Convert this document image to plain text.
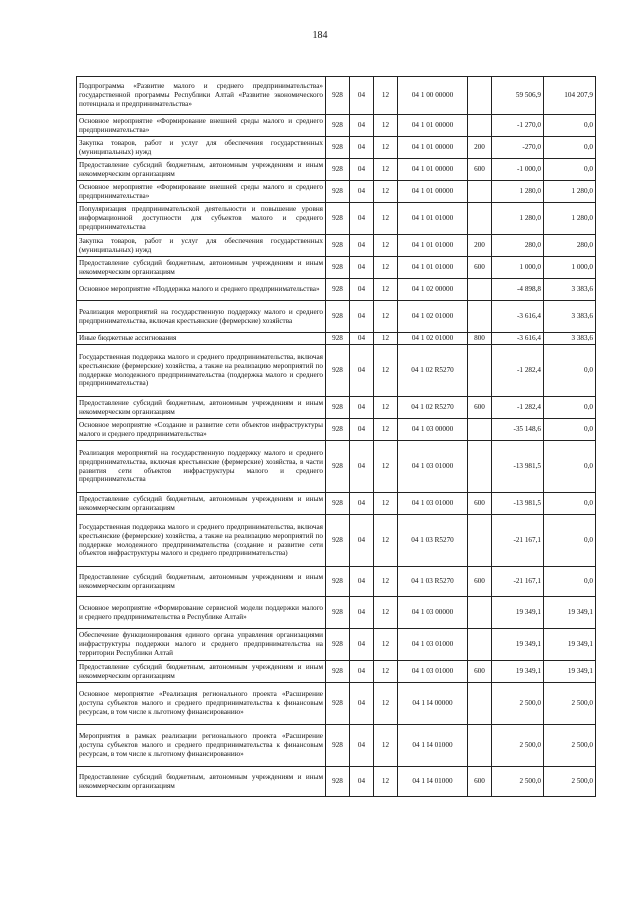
184
Подпрограмма «Развитие малого и среднего предпринимательства» государственной программы Республики Алтай «Развитие экономического потенциала и предпринимательства»	928	04	12	04 1 00 00000		59 506,9	104 207,9
Основное мероприятие «Формирование внешней среды малого и среднего предпринимательства»	928	04	12	04 1 01 00000		-1 270,0	0,0
Закупка товаров, работ и услуг для обеспечения государственных (муниципальных) нужд	928	04	12	04 1 01 00000	200	-270,0	0,0
Предоставление субсидий бюджетным, автономным учреждениям и иным некоммерческим организациям	928	04	12	04 1 01 00000	600	-1 000,0	0,0
Основное мероприятие «Формирование внешней среды малого и среднего предпринимательства»	928	04	12	04 1 01 00000		1 280,0	1 280,0
Популяризация предпринимательской деятельности и повышение уровня информационной доступности для субъектов малого и среднего предпринимательства	928	04	12	04 1 01 01000		1 280,0	1 280,0
Закупка товаров, работ и услуг для обеспечения государственных (муниципальных) нужд	928	04	12	04 1 01 01000	200	280,0	280,0
Предоставление субсидий бюджетным, автономным учреждениям и иным некоммерческим организациям	928	04	12	04 1 01 01000	600	1 000,0	1 000,0
Основное мероприятие «Поддержка малого и среднего предпринимательства»	928	04	12	04 1 02 00000		-4 898,8	3 383,6
Реализация мероприятий на государственную поддержку малого и среднего предпринимательства, включая крестьянские (фермерские) хозяйства	928	04	12	04 1 02 01000		-3 616,4	3 383,6
Иные бюджетные ассигнования	928	04	12	04 1 02 01000	800	-3 616,4	3 383,6
Государственная поддержка малого и среднего предпринимательства, включая крестьянские (фермерские) хозяйства, а также на реализацию мероприятий по поддержке молодежного предпринимательства (поддержка малого и среднего предпринимательства)	928	04	12	04 1 02 R5270		-1 282,4	0,0
Предоставление субсидий бюджетным, автономным учреждениям и иным некоммерческим организациям	928	04	12	04 1 02 R5270	600	-1 282,4	0,0
Основное мероприятие «Создание и развитие сети объектов инфраструктуры малого и среднего предпринимательства»	928	04	12	04 1 03 00000		-35 148,6	0,0
Реализация мероприятий на государственную поддержку малого и среднего предпринимательства, включая крестьянские (фермерские) хозяйства, в части развития сети объектов инфраструктуры малого и среднего предпринимательства	928	04	12	04 1 03 01000		-13 981,5	0,0
Предоставление субсидий бюджетным, автономным учреждениям и иным некоммерческим организациям	928	04	12	04 1 03 01000	600	-13 981,5	0,0
Государственная поддержка малого и среднего предпринимательства, включая крестьянские (фермерские) хозяйства, а также на реализацию мероприятий по поддержке молодежного предпринимательства (создание и развитие сети объектов инфраструктуры малого и среднего предпринимательства)	928	04	12	04 1 03 R5270		-21 167,1	0,0
Предоставление субсидий бюджетным, автономным учреждениям и иным некоммерческим организациям	928	04	12	04 1 03 R5270	600	-21 167,1	0,0
Основное мероприятие «Формирование сервисной модели поддержки малого и среднего предпринимательства в Республике Алтай»	928	04	12	04 1 03 00000		19 349,1	19 349,1
Обеспечение функционирования единого органа управления организациями инфраструктуры поддержки малого и среднего предпринимательства на территории Республики Алтай	928	04	12	04 1 03 01000		19 349,1	19 349,1
Предоставление субсидий бюджетным, автономным учреждениям и иным некоммерческим организациям	928	04	12	04 1 03 01000	600	19 349,1	19 349,1
Основное мероприятие «Реализация регионального проекта «Расширение доступа субъектов малого и среднего предпринимательства к финансовым ресурсам, в том числе к льготному финансированию»	928	04	12	04 1 I4 00000		2 500,0	2 500,0
Мероприятия в рамках реализации регионального проекта «Расширение доступа субъектов малого и среднего предпринимательства к финансовым ресурсам, в том числе к льготному финансированию»	928	04	12	04 1 I4 01000		2 500,0	2 500,0
Предоставление субсидий бюджетным, автономным учреждениям и иным некоммерческим организациям	928	04	12	04 1 I4 01000	600	2 500,0	2 500,0
